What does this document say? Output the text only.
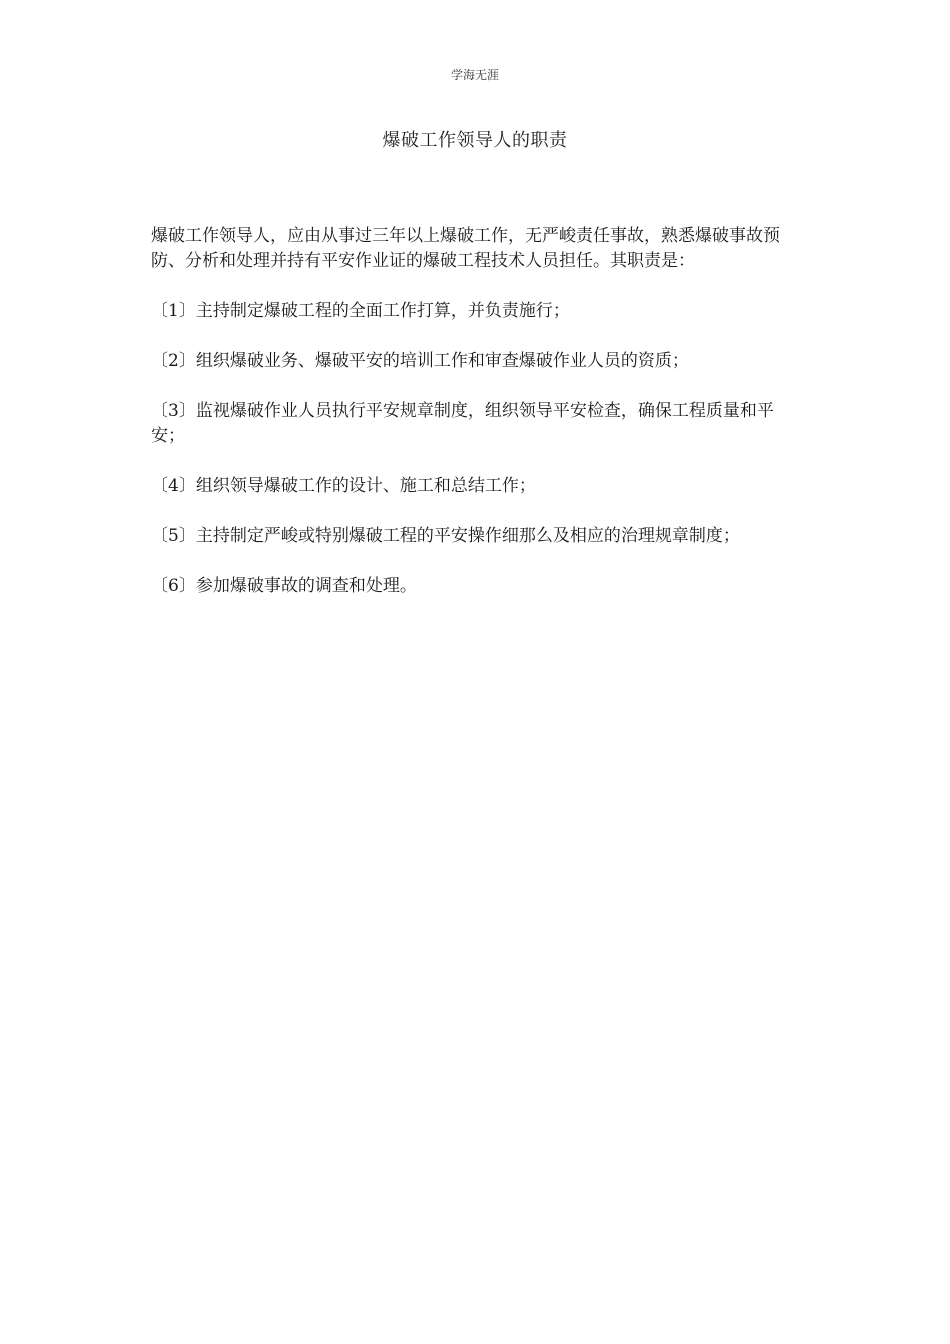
学海无涯
爆破工作领导人的职责

爆破工作领导人，应由从事过三年以上爆破工作，无严峻责任事故，熟悉爆破事故预防、分析和处理并持有平安作业证的爆破工程技术人员担任。其职责是：

〔1〕主持制定爆破工程的全面工作打算，并负责施行；

〔2〕组织爆破业务、爆破平安的培训工作和审查爆破作业人员的资质；

〔3〕监视爆破作业人员执行平安规章制度，组织领导平安检查，确保工程质量和平安；

〔4〕组织领导爆破工作的设计、施工和总结工作；

〔5〕主持制定严峻或特别爆破工程的平安操作细那么及相应的治理规章制度；

〔6〕参加爆破事故的调查和处理。
